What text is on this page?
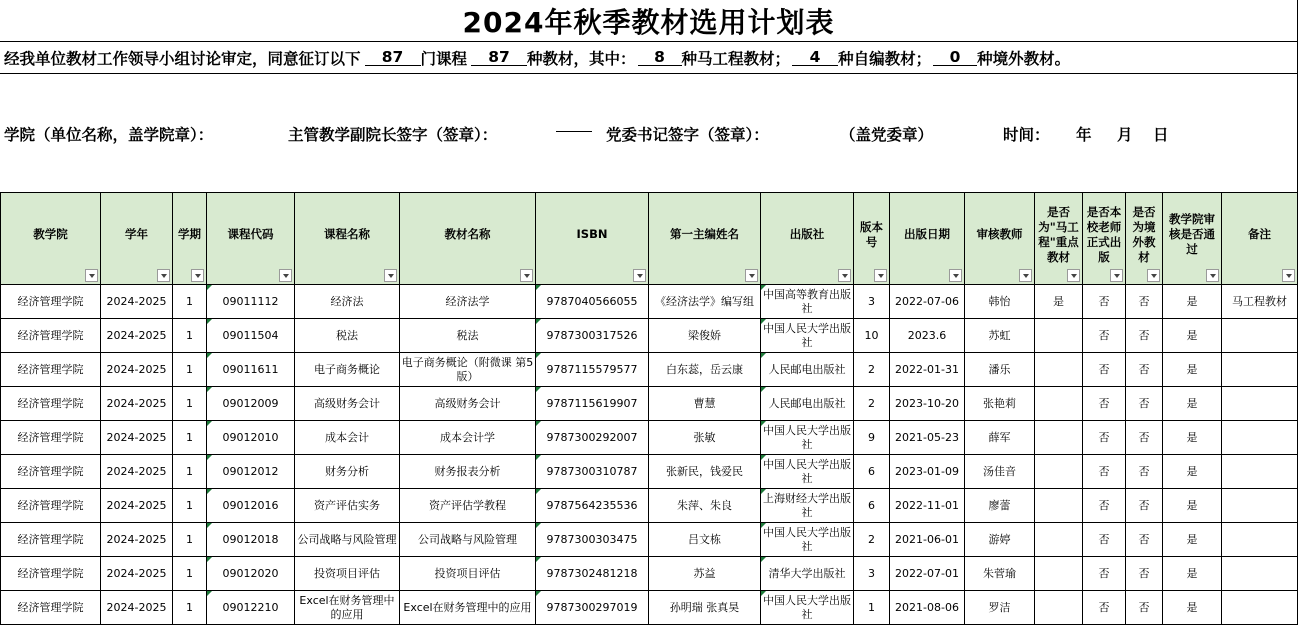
2024年秋季教材选用计划表
经我单位教材工作领导小组讨论审定，同意征订以下	87	门课程	87	种教材，其中：	8	种马工程教材；	4	种自编教材；	0	种境外教材。
学院（单位名称，盖学院章）：	主管教学副院长签字（签章）：	党委书记签字（签章）：	（盖党委章）	时间： 年 月 日
教学院	学年	学期	课程代码	课程名称	教材名称	ISBN	第一主编姓名	出版社	版本号	出版日期	审核教师	是否为"马工程"重点教材	是否本校老师正式出版	是否为境外教材	教学院审核是否通过	备注

经济管理学院	2024-2025	1	09011112	经济法	经济法学	9787040566055	《经济法学》编写组	中国高等教育出版社	3	2022-07-06	韩怡	是	否	否	是	马工程教材
经济管理学院	2024-2025	1	09011504	税法	税法	9787300317526	梁俊娇	中国人民大学出版社	10	2023.6	苏虹		否	否	是	
经济管理学院	2024-2025	1	09011611	电子商务概论	电子商务概论（附微课 第5版）	9787115579577	白东蕊，岳云康	人民邮电出版社	2	2022-01-31	潘乐		否	否	是	
经济管理学院	2024-2025	1	09012009	高级财务会计	高级财务会计	9787115619907	曹慧	人民邮电出版社	2	2023-10-20	张艳莉		否	否	是	
经济管理学院	2024-2025	1	09012010	成本会计	成本会计学	9787300292007	张敏	中国人民大学出版社	9	2021-05-23	薛军		否	否	是	
经济管理学院	2024-2025	1	09012012	财务分析	财务报表分析	9787300310787	张新民，钱爱民	中国人民大学出版社	6	2023-01-09	汤佳音		否	否	是	
经济管理学院	2024-2025	1	09012016	资产评估实务	资产评估学教程	9787564235536	朱萍、朱良	上海财经大学出版社	6	2022-11-01	廖蕾		否	否	是	
经济管理学院	2024-2025	1	09012018	公司战略与风险管理	公司战略与风险管理	9787300303475	吕文栋	中国人民大学出版社	2	2021-06-01	游婷		否	否	是	
经济管理学院	2024-2025	1	09012020	投资项目评估	投资项目评估	9787302481218	苏益	清华大学出版社	3	2022-07-01	朱菅瑜		否	否	是	
经济管理学院	2024-2025	1	09012210	Excel在财务管理中的应用	Excel在财务管理中的应用	9787300297019	孙明瑞 张真昊	中国人民大学出版社	1	2021-08-06	罗洁		否	否	是	
